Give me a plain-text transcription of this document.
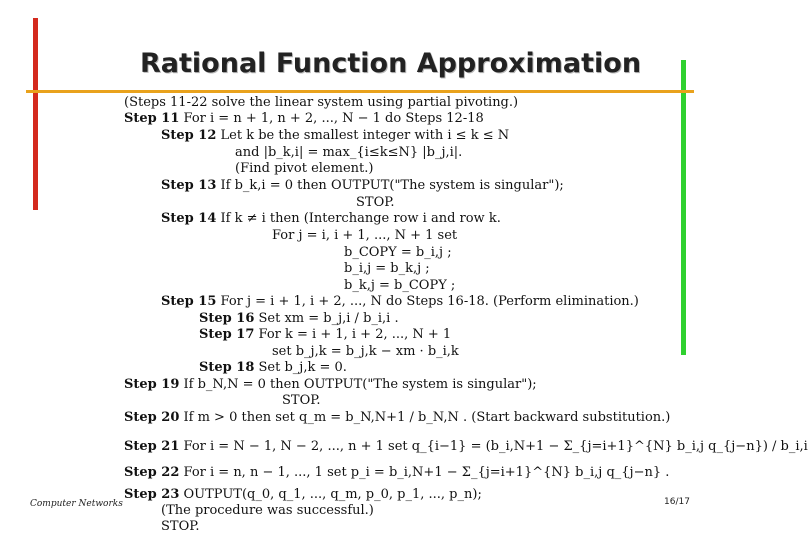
Rational Function Approximation
(Steps 11-22 solve the linear system using partial pivoting.)
Step 11 For i = n + 1, n + 2, ..., N − 1 do Steps 12-18
Step 12 Let k be the smallest integer with i ≤ k ≤ N
and |b_k,i| = max_{i≤k≤N} |b_j,i|.
(Find pivot element.)
Step 13 If b_k,i = 0 then OUTPUT("The system is singular");
STOP.
Step 14 If k ≠ i then (Interchange row i and row k.
For j = i, i + 1, ..., N + 1 set
b_COPY = b_i,j ;
b_i,j = b_k,j ;
b_k,j = b_COPY ;
Step 15 For j = i + 1, i + 2, ..., N do Steps 16-18. (Perform elimination.)
Step 16 Set xm = b_j,i / b_i,i .
Step 17 For k = i + 1, i + 2, ..., N + 1
set b_j,k = b_j,k − xm · b_i,k
Step 18 Set b_j,k = 0.
Step 19 If b_N,N = 0 then OUTPUT("The system is singular");
STOP.
Step 20 If m > 0 then set q_m = b_N,N+1 / b_N,N . (Start backward substitution.)
Step 21 For i = N − 1, N − 2, ..., n + 1 set q_{i−1} = (b_i,N+1 − Σ_{j=i+1}^{N} b_i,j q_{j−n}) / b_i,i
Step 22 For i = n, n − 1, ..., 1 set p_i = b_i,N+1 − Σ_{j=i+1}^{N} b_i,j q_{j−n} .
Step 23 OUTPUT(q_0, q_1, ..., q_m, p_0, p_1, ..., p_n);
(The procedure was successful.)
STOP.
Computer Networks	16/17
